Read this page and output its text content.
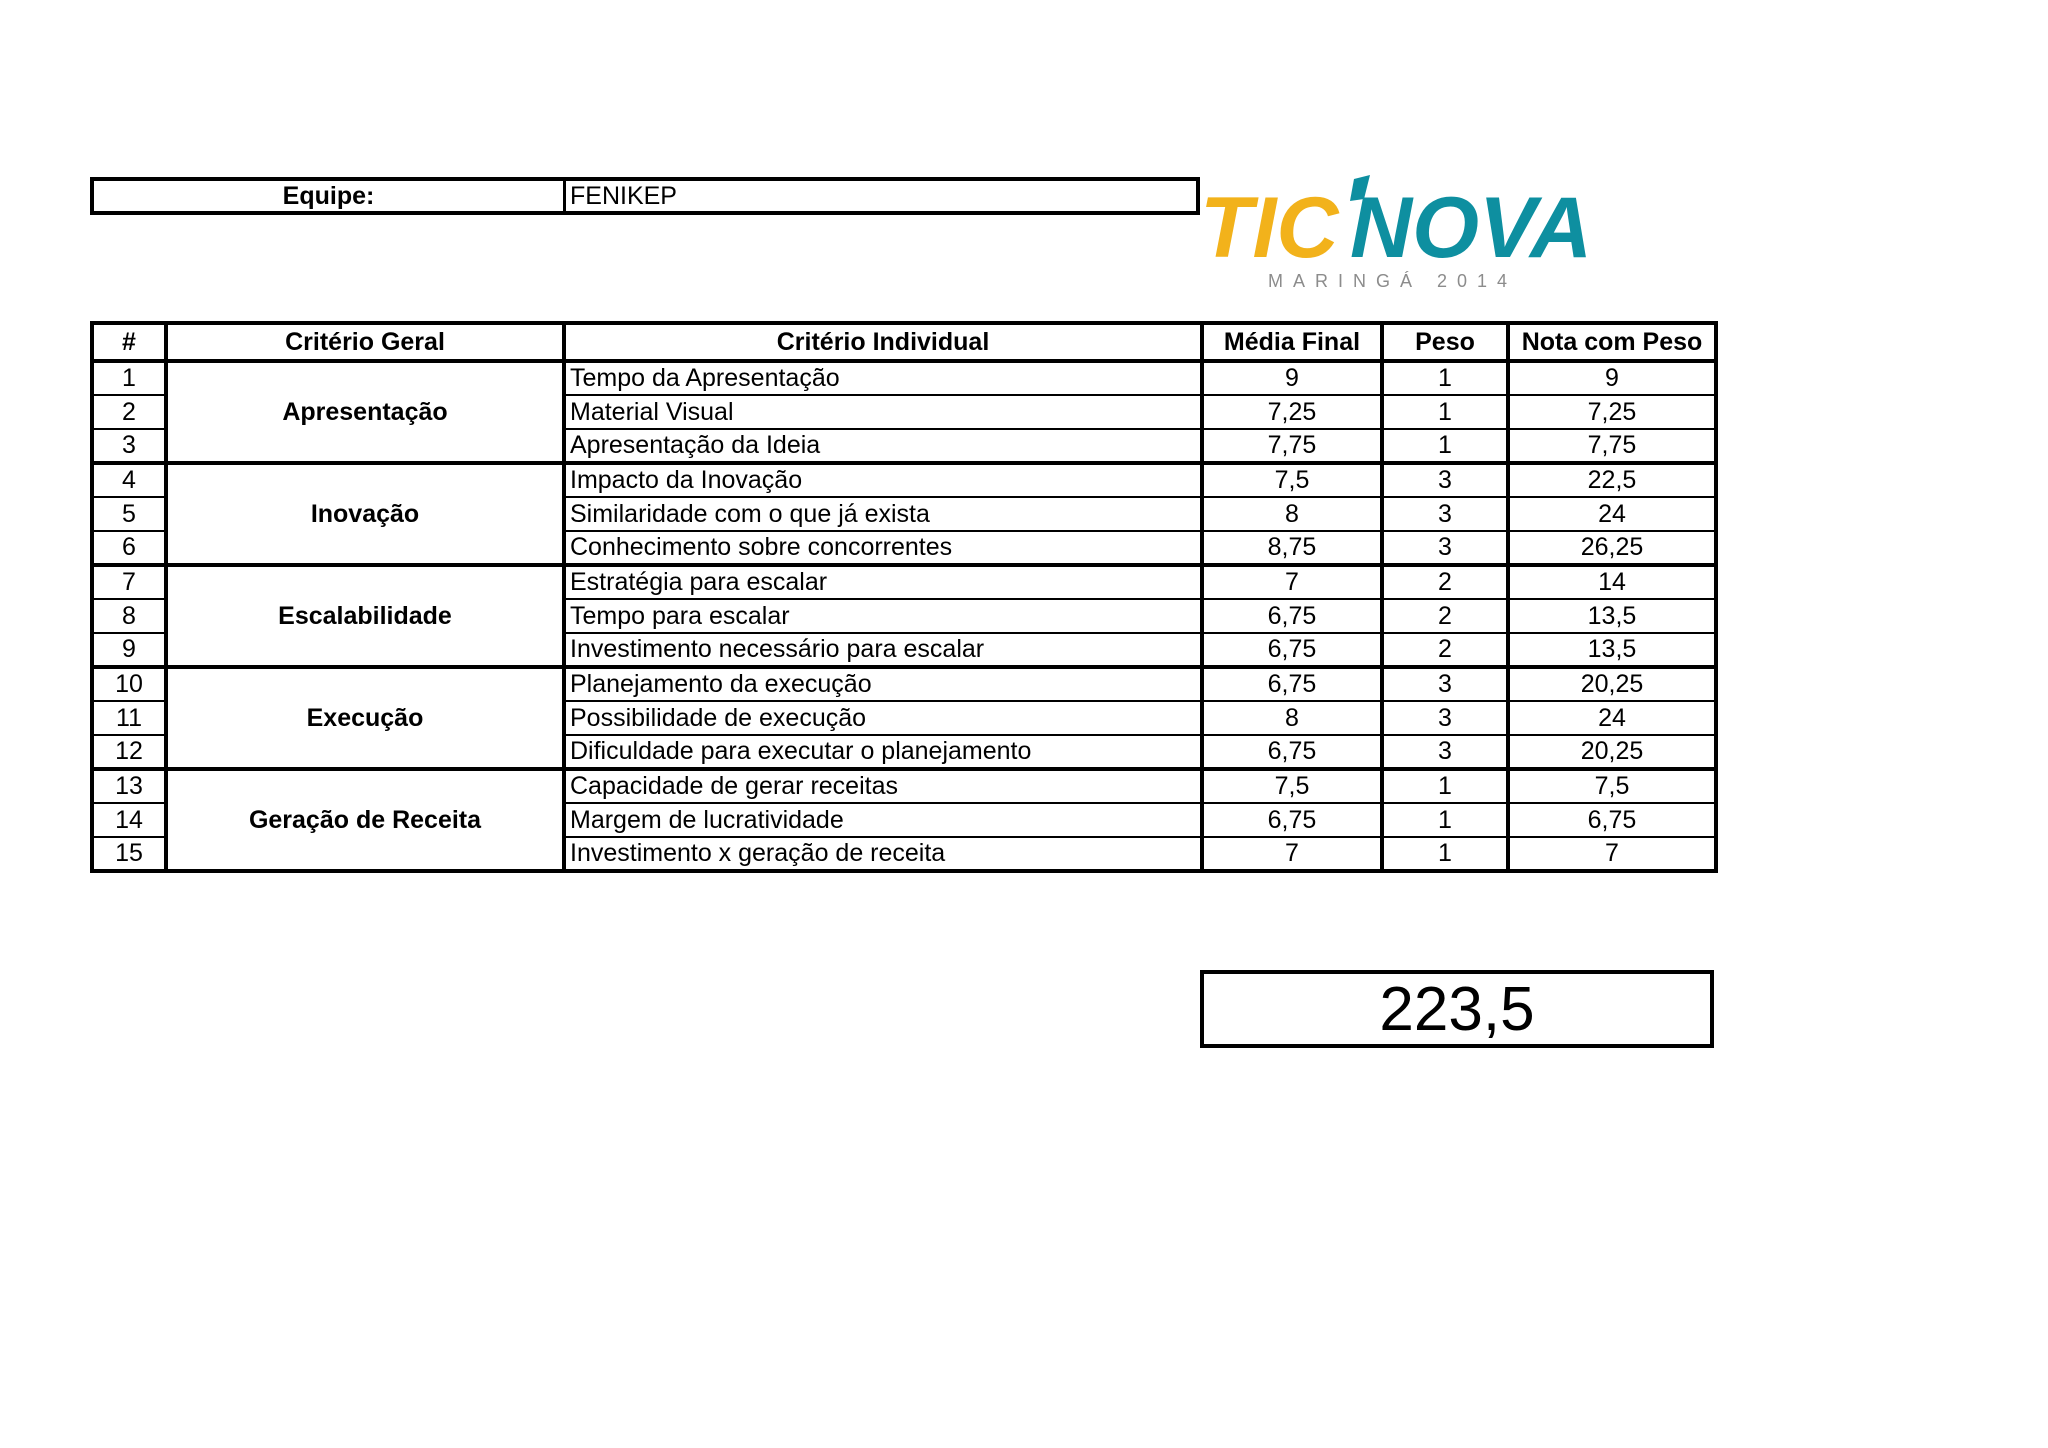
Equipe:	FENIKEP	TIC NOVA
MARINGÁ 2014
#	Critério Geral	Critério Individual	Média Final	Peso	Nota com Peso
1	Apresentação	Tempo da Apresentação	9	1	9
2		Material Visual	7,25	1	7,25
3		Apresentação da Ideia	7,75	1	7,75
4	Inovação	Impacto da Inovação	7,5	3	22,5
5		Similaridade com o que já exista	8	3	24
6		Conhecimento sobre concorrentes	8,75	3	26,25
7	Escalabilidade	Estratégia para escalar	7	2	14
8		Tempo para escalar	6,75	2	13,5
9		Investimento necessário para escalar	6,75	2	13,5
10	Execução	Planejamento da execução	6,75	3	20,25
11		Possibilidade de execução	8	3	24
12		Dificuldade para executar o planejamento	6,75	3	20,25
13	Geração de Receita	Capacidade de gerar receitas	7,5	1	7,5
14		Margem de lucratividade	6,75	1	6,75
15		Investimento x geração de receita	7	1	7
223,5
